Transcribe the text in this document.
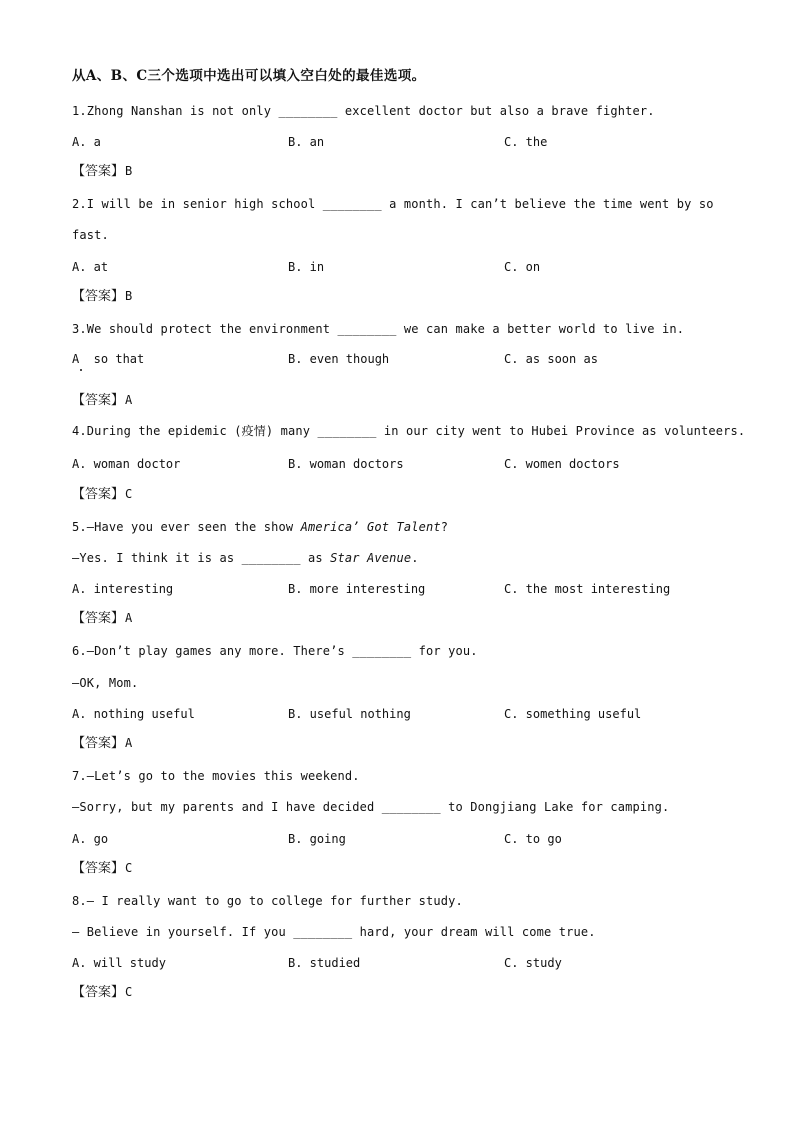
从A、B、C三个选项中选出可以填入空白处的最佳选项。
1.Zhong Nanshan is not only ________ excellent doctor but also a brave fighter.
A. a	B. an	C. the
【答案】B
2.I will be in senior high school ________ a month. I can’t believe the time went by so
fast.
A. at	B. in	C. on
【答案】B
3.We should protect the environment ________ we can make a better world to live in.
A  so that	B. even though	C. as soon as
【答案】A
4.During the epidemic (疫情) many ________ in our city went to Hubei Province as volunteers.
A. woman doctor	B. woman doctors	C. women doctors
【答案】C
5.—Have you ever seen the show America’ Got Talent?
—Yes. I think it is as ________ as Star Avenue.
A. interesting	B. more interesting	C. the most interesting
【答案】A
6.—Don’t play games any more. There’s ________ for you.
—OK, Mom.
A. nothing useful	B. useful nothing	C. something useful
【答案】A
7.—Let’s go to the movies this weekend.
—Sorry, but my parents and I have decided ________ to Dongjiang Lake for camping.
A. go	B. going	C. to go
【答案】C
8.— I really want to go to college for further study.
— Believe in yourself. If you ________ hard, your dream will come true.
A. will study	B. studied	C. study
【答案】C
